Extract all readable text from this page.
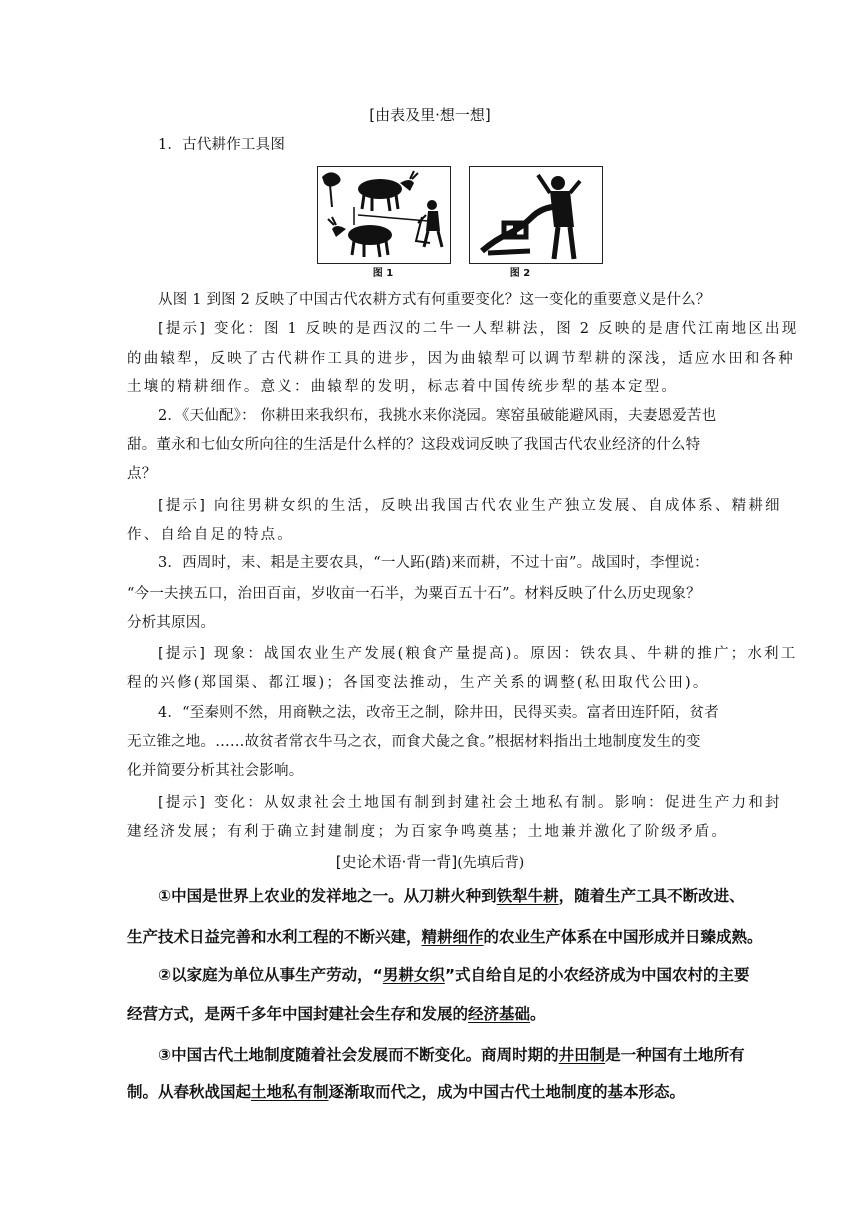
[由表及里·想一想]
1．古代耕作工具图
图 1	图 2
从图 1 到图 2 反映了中国古代农耕方式有何重要变化？这一变化的重要意义是什么？
[提示] 变化：图 1 反映的是西汉的二牛一人犁耕法，图 2 反映的是唐代江南地区出现
的曲辕犁，反映了古代耕作工具的进步，因为曲辕犁可以调节犁耕的深浅，适应水田和各种
土壤的精耕细作。意义：曲辕犁的发明，标志着中国传统步犁的基本定型。
2．《天仙配》： 你耕田来我织布，我挑水来你浇园。寒窑虽破能避风雨，夫妻恩爱苦也
甜。董永和七仙女所向往的生活是什么样的？这段戏词反映了我国古代农业经济的什么特
点？
[提示] 向往男耕女织的生活，反映出我国古代农业生产独立发展、自成体系、精耕细
作、自给自足的特点。
3．西周时，耒、耜是主要农具，“一人跖(踏)来而耕，不过十亩”。战国时，李悝说：
“今一夫挟五口，治田百亩，岁收亩一石半，为粟百五十石”。材料反映了什么历史现象？
分析其原因。
[提示] 现象：战国农业生产发展(粮食产量提高)。原因：铁农具、牛耕的推广；水利工
程的兴修(郑国渠、都江堰)；各国变法推动，生产关系的调整(私田取代公田)。
4．“至秦则不然，用商鞅之法，改帝王之制，除井田，民得买卖。富者田连阡陌，贫者
无立锥之地。……故贫者常衣牛马之衣，而食犬彘之食。”根据材料指出土地制度发生的变
化并简要分析其社会影响。
[提示] 变化：从奴隶社会土地国有制到封建社会土地私有制。影响：促进生产力和封
建经济发展；有利于确立封建制度；为百家争鸣奠基；土地兼并激化了阶级矛盾。
[史论术语·背一背](先填后背)
①中国是世界上农业的发祥地之一。从刀耕火种到铁犁牛耕，随着生产工具不断改进、
生产技术日益完善和水利工程的不断兴建，精耕细作的农业生产体系在中国形成并日臻成熟。
②以家庭为单位从事生产劳动，“男耕女织”式自给自足的小农经济成为中国农村的主要
经营方式，是两千多年中国封建社会生存和发展的经济基础。
③中国古代土地制度随着社会发展而不断变化。商周时期的井田制是一种国有土地所有
制。从春秋战国起土地私有制逐渐取而代之，成为中国古代土地制度的基本形态。
